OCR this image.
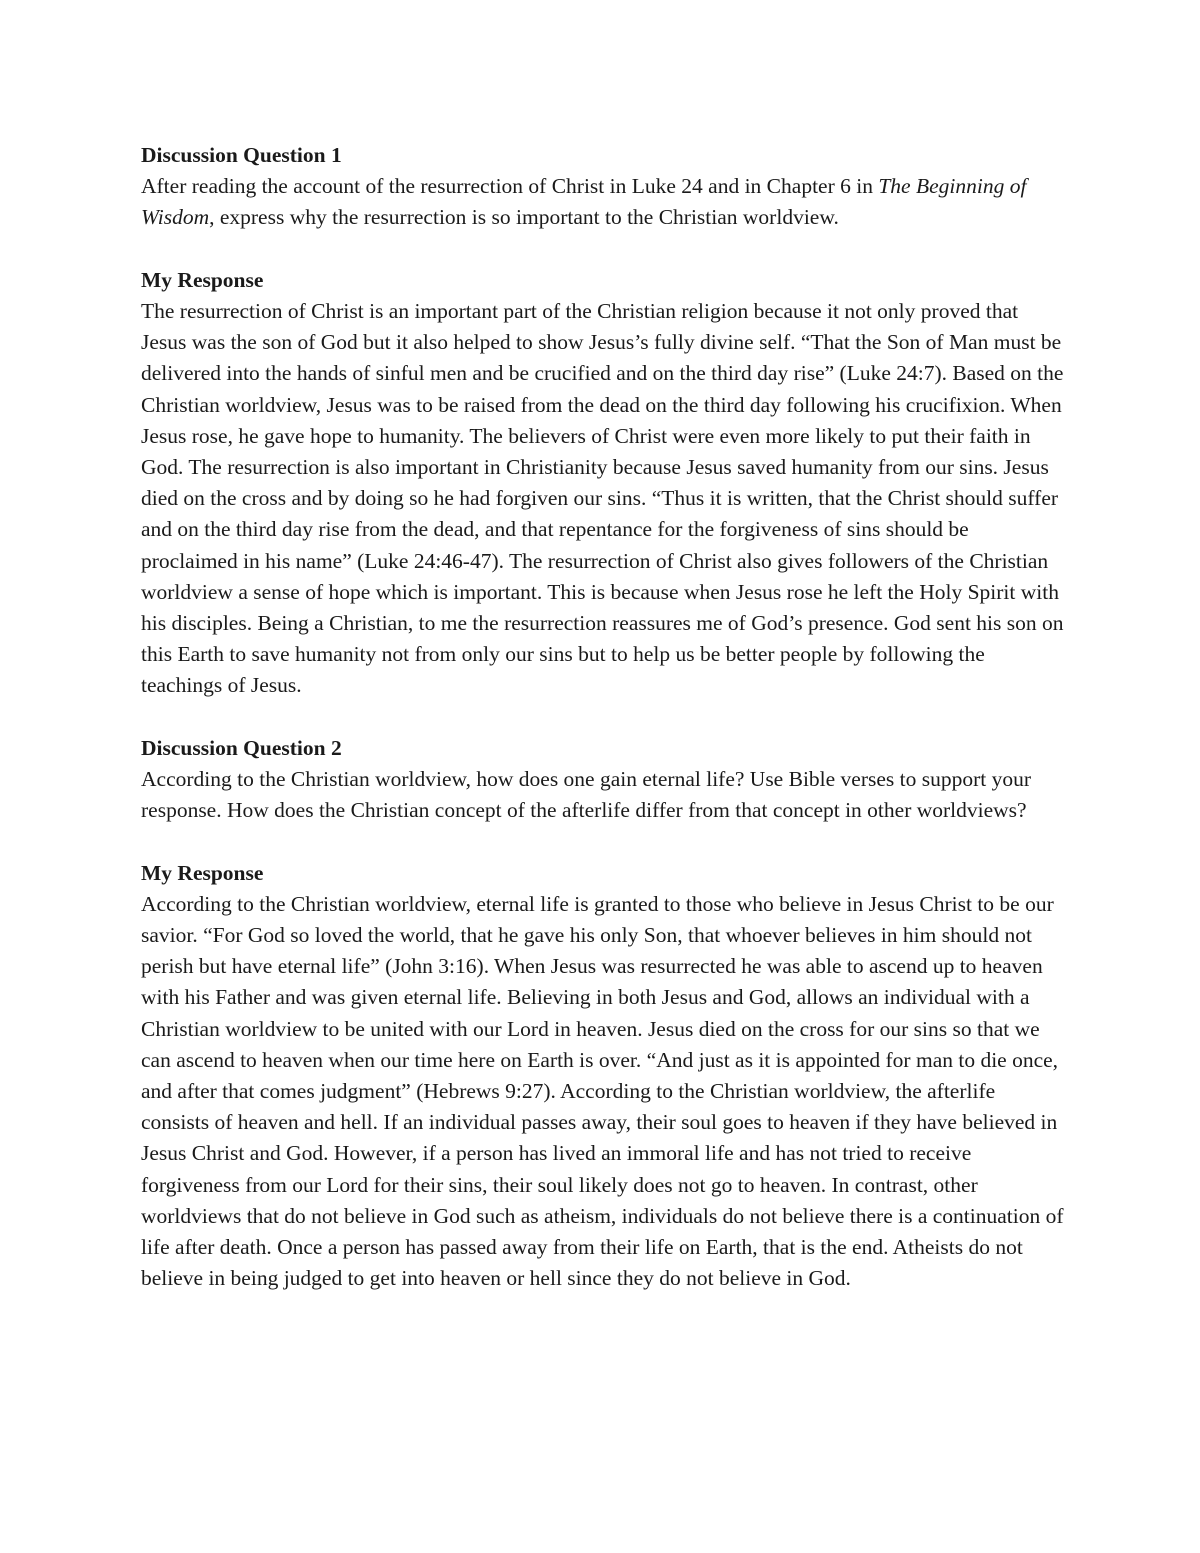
Discussion Question 1

After reading the account of the resurrection of Christ in Luke 24 and in Chapter 6 in The Beginning of Wisdom, express why the resurrection is so important to the Christian worldview.

My Response

The resurrection of Christ is an important part of the Christian religion because it not only proved that Jesus was the son of God but it also helped to show Jesus’s fully divine self. “That the Son of Man must be delivered into the hands of sinful men and be crucified and on the third day rise” (Luke 24:7). Based on the Christian worldview, Jesus was to be raised from the dead on the third day following his crucifixion. When Jesus rose, he gave hope to humanity. The believers of Christ were even more likely to put their faith in God. The resurrection is also important in Christianity because Jesus saved humanity from our sins. Jesus died on the cross and by doing so he had forgiven our sins. “Thus it is written, that the Christ should suffer and on the third day rise from the dead, and that repentance for the forgiveness of sins should be proclaimed in his name” (Luke 24:46-47). The resurrection of Christ also gives followers of the Christian worldview a sense of hope which is important. This is because when Jesus rose he left the Holy Spirit with his disciples. Being a Christian, to me the resurrection reassures me of God’s presence. God sent his son on this Earth to save humanity not from only our sins but to help us be better people by following the teachings of Jesus.

Discussion Question 2

According to the Christian worldview, how does one gain eternal life? Use Bible verses to support your response. How does the Christian concept of the afterlife differ from that concept in other worldviews?

My Response

According to the Christian worldview, eternal life is granted to those who believe in Jesus Christ to be our savior. “For God so loved the world, that he gave his only Son, that whoever believes in him should not perish but have eternal life” (John 3:16). When Jesus was resurrected he was able to ascend up to heaven with his Father and was given eternal life. Believing in both Jesus and God, allows an individual with a Christian worldview to be united with our Lord in heaven. Jesus died on the cross for our sins so that we can ascend to heaven when our time here on Earth is over. “And just as it is appointed for man to die once, and after that comes judgment” (Hebrews 9:27). According to the Christian worldview, the afterlife consists of heaven and hell. If an individual passes away, their soul goes to heaven if they have believed in Jesus Christ and God. However, if a person has lived an immoral life and has not tried to receive forgiveness from our Lord for their sins, their soul likely does not go to heaven. In contrast, other worldviews that do not believe in God such as atheism, individuals do not believe there is a continuation of life after death. Once a person has passed away from their life on Earth, that is the end. Atheists do not believe in being judged to get into heaven or hell since they do not believe in God.
